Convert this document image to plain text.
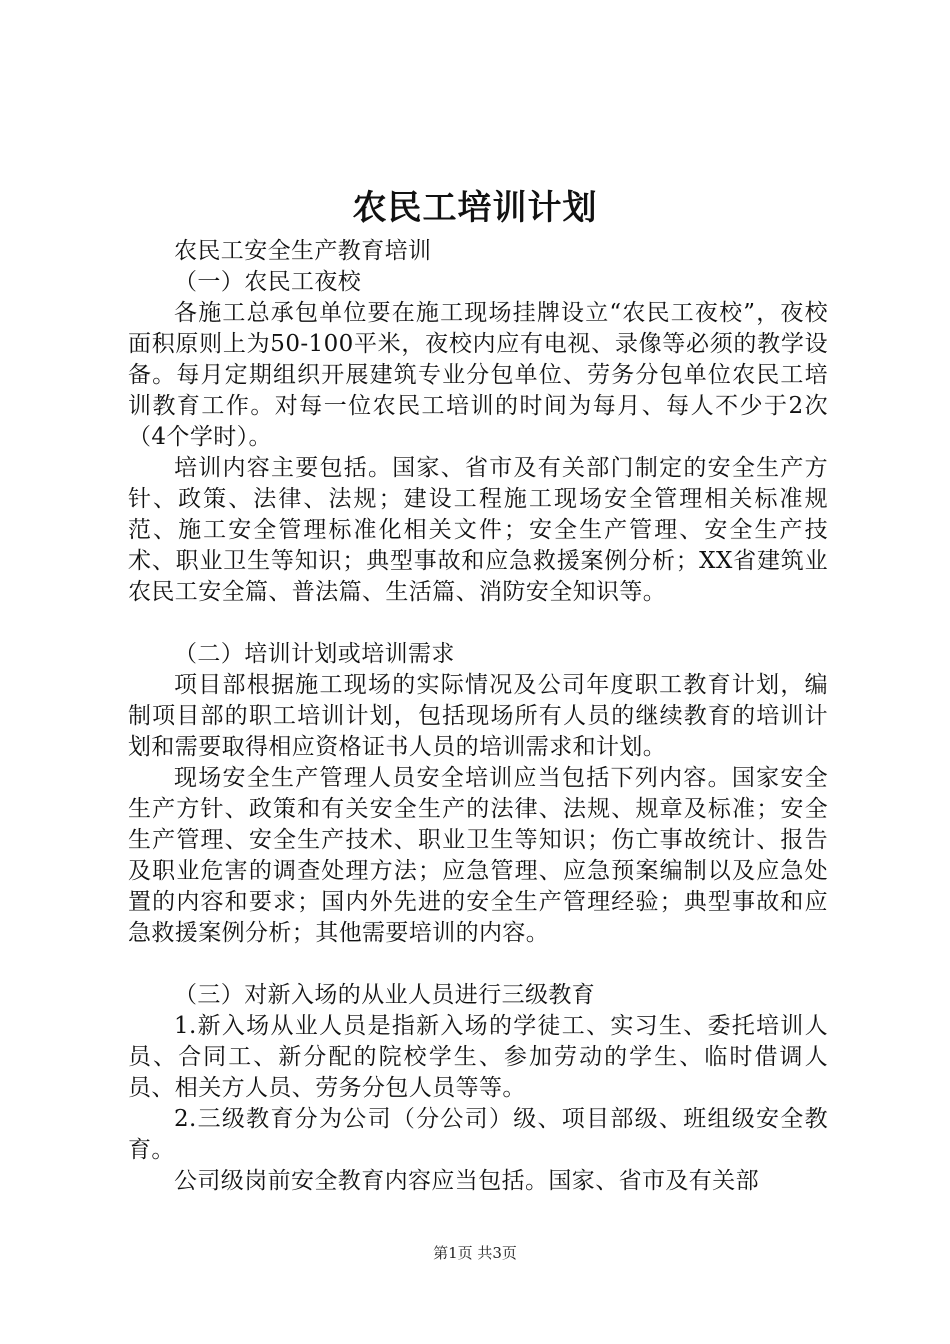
农民工培训计划

农民工安全生产教育培训

（一）农民工夜校

各施工总承包单位要在施工现场挂牌设立“农民工夜校”，夜校面积原则上为50-100平米，夜校内应有电视、录像等必须的教学设备。每月定期组织开展建筑专业分包单位、劳务分包单位农民工培训教育工作。对每一位农民工培训的时间为每月、每人不少于2次（4个学时）。

培训内容主要包括。国家、省市及有关部门制定的安全生产方针、政策、法律、法规；建设工程施工现场安全管理相关标准规范、施工安全管理标准化相关文件；安全生产管理、安全生产技术、职业卫生等知识；典型事故和应急救援案例分析；XX省建筑业农民工安全篇、普法篇、生活篇、消防安全知识等。

（二）培训计划或培训需求

项目部根据施工现场的实际情况及公司年度职工教育计划，编制项目部的职工培训计划，包括现场所有人员的继续教育的培训计划和需要取得相应资格证书人员的培训需求和计划。

现场安全生产管理人员安全培训应当包括下列内容。国家安全生产方针、政策和有关安全生产的法律、法规、规章及标准；安全生产管理、安全生产技术、职业卫生等知识；伤亡事故统计、报告及职业危害的调查处理方法；应急管理、应急预案编制以及应急处置的内容和要求；国内外先进的安全生产管理经验；典型事故和应急救援案例分析；其他需要培训的内容。

（三）对新入场的从业人员进行三级教育

1.新入场从业人员是指新入场的学徒工、实习生、委托培训人员、合同工、新分配的院校学生、参加劳动的学生、临时借调人员、相关方人员、劳务分包人员等等。

2.三级教育分为公司（分公司）级、项目部级、班组级安全教育。

公司级岗前安全教育内容应当包括。国家、省市及有关部

第1页 共3页
